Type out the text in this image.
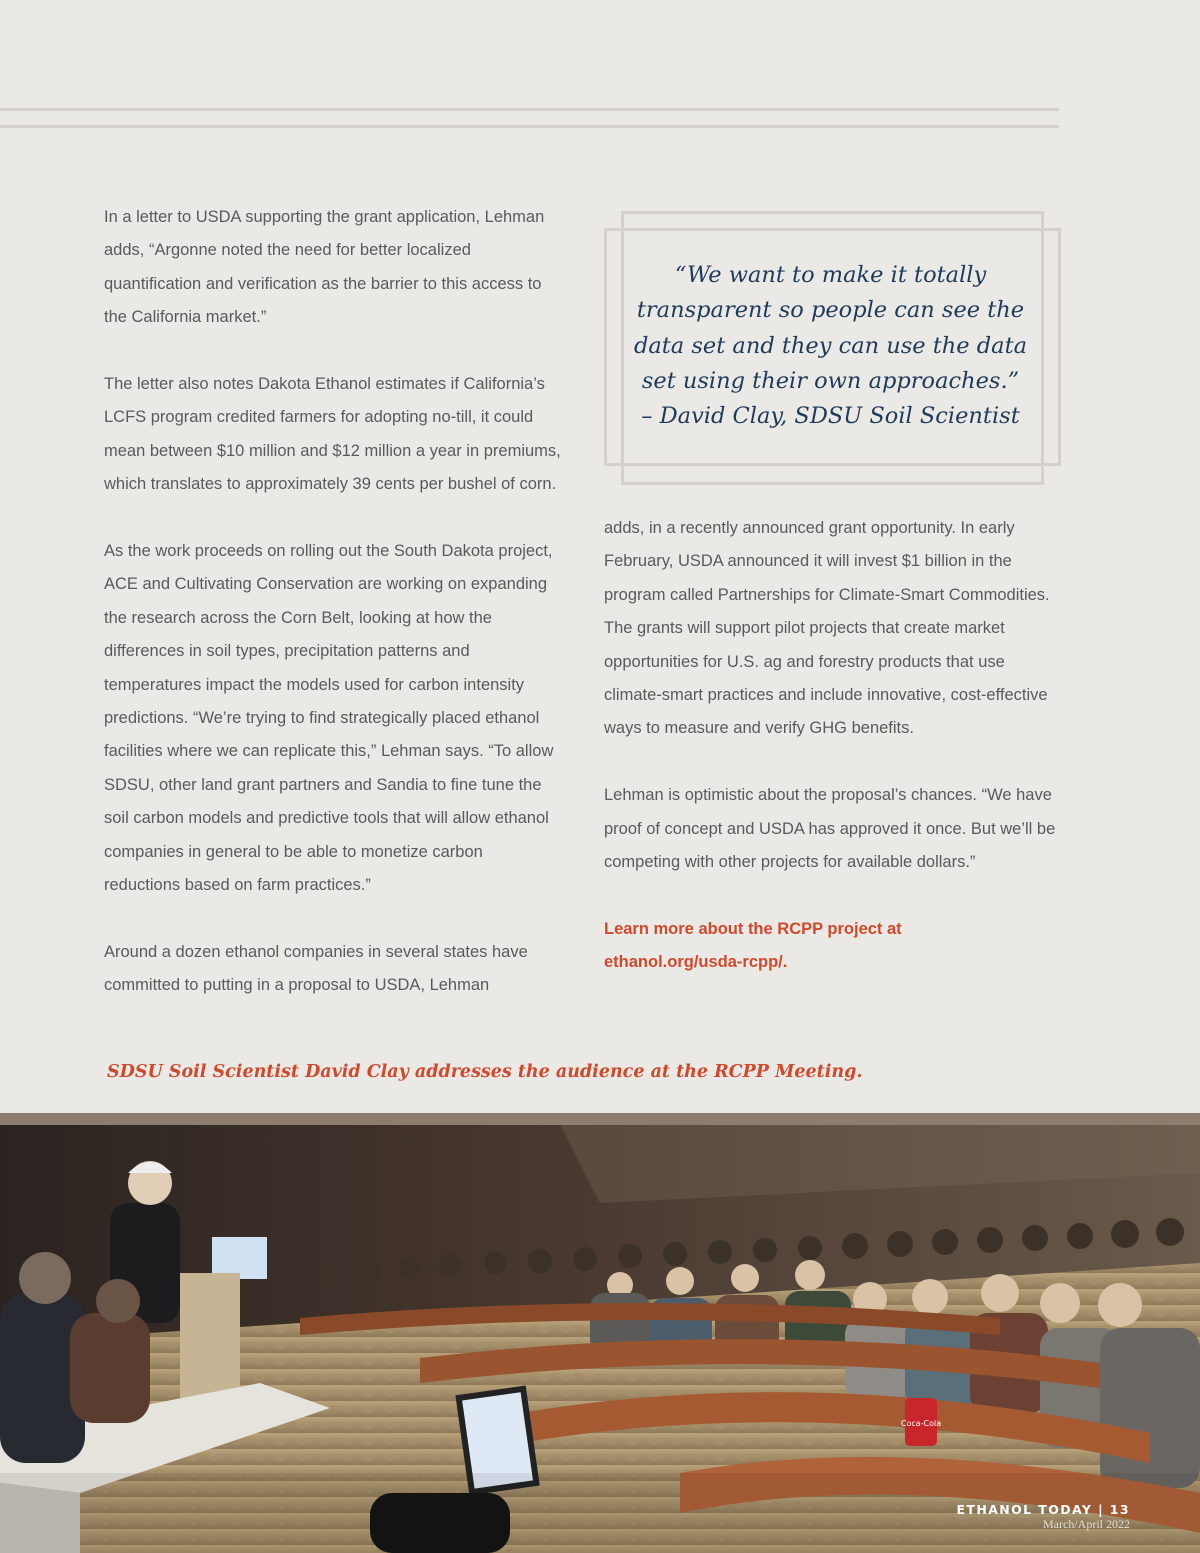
In a letter to USDA supporting the grant application, Lehman adds, “Argonne noted the need for better localized quantification and verification as the barrier to this access to the California market.”

The letter also notes Dakota Ethanol estimates if California’s LCFS program credited farmers for adopting no-till, it could mean between $10 million and $12 million a year in premiums, which translates to approximately 39 cents per bushel of corn.

As the work proceeds on rolling out the South Dakota project, ACE and Cultivating Conservation are working on expanding the research across the Corn Belt, looking at how the differences in soil types, precipitation patterns and temperatures impact the models used for carbon intensity predictions. “We’re trying to find strategically placed ethanol facilities where we can replicate this,” Lehman says. “To allow SDSU, other land grant partners and Sandia to fine tune the soil carbon models and predictive tools that will allow ethanol companies in general to be able to monetize carbon reductions based on farm practices.”

Around a dozen ethanol companies in several states have committed to putting in a proposal to USDA, Lehman

“We want to make it totally
transparent so people can see the
data set and they can use the data
set using their own approaches.”
– David Clay, SDSU Soil Scientist

adds, in a recently announced grant opportunity. In early February, USDA announced it will invest $1 billion in the program called Partnerships for Climate-Smart Commodities. The grants will support pilot projects that create market opportunities for U.S. ag and forestry products that use climate-smart practices and include innovative, cost-effective ways to measure and verify GHG benefits.

Lehman is optimistic about the proposal’s chances. “We have proof of concept and USDA has approved it once. But we’ll be competing with other projects for available dollars.”

Learn more about the RCPP project at
ethanol.org/usda-rcpp/.

SDSU Soil Scientist David Clay addresses the audience at the RCPP Meeting.
Coca-Cola
ETHANOL TODAY | 13
March/April 2022
